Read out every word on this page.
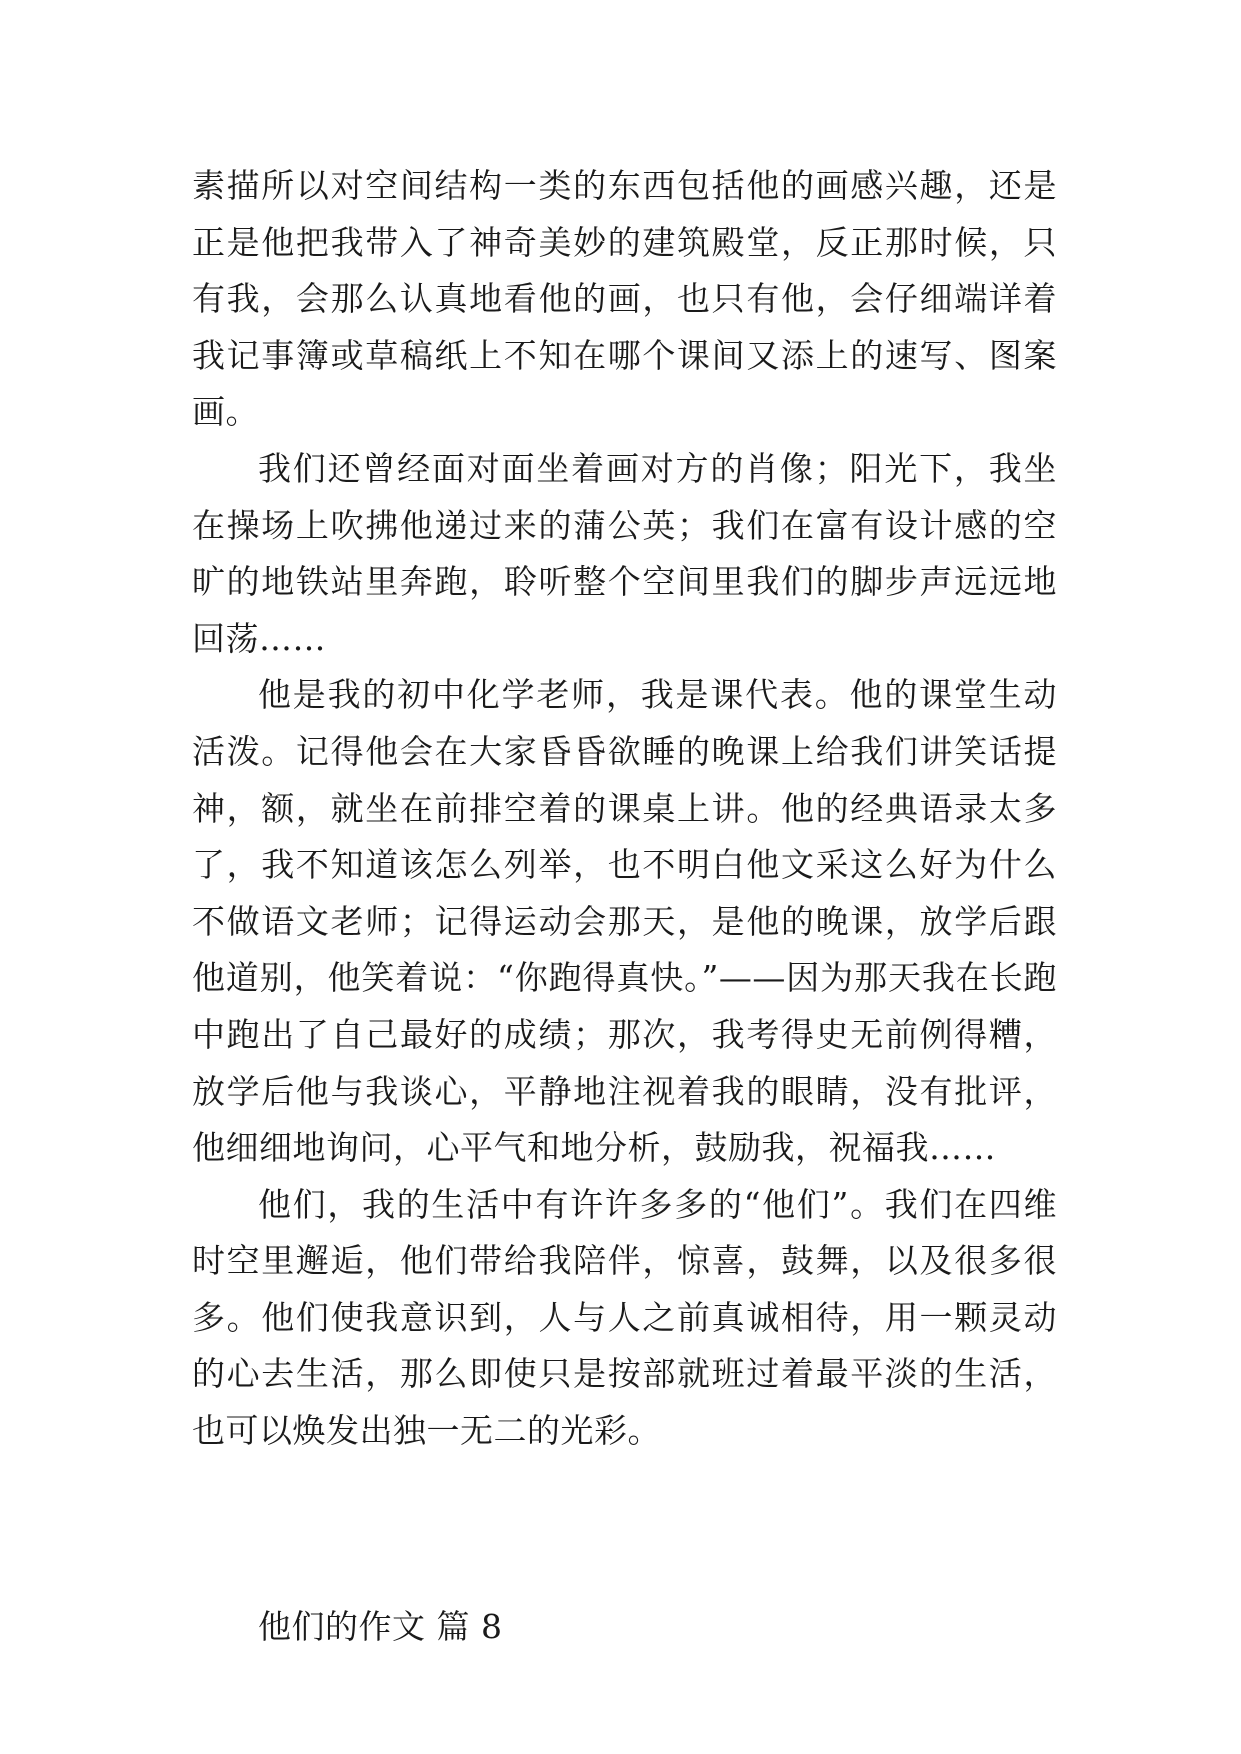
素描所以对空间结构一类的东西包括他的画感兴趣，还是正是他把我带入了神奇美妙的建筑殿堂，反正那时候，只有我，会那么认真地看他的画，也只有他，会仔细端详着我记事簿或草稿纸上不知在哪个课间又添上的速写、图案画。

我们还曾经面对面坐着画对方的肖像；阳光下，我坐在操场上吹拂他递过来的蒲公英；我们在富有设计感的空旷的地铁站里奔跑，聆听整个空间里我们的脚步声远远地回荡……

他是我的初中化学老师，我是课代表。他的课堂生动活泼。记得他会在大家昏昏欲睡的晚课上给我们讲笑话提神，额，就坐在前排空着的课桌上讲。他的经典语录太多了，我不知道该怎么列举，也不明白他文采这么好为什么不做语文老师；记得运动会那天，是他的晚课，放学后跟他道别，他笑着说：“你跑得真快。”——因为那天我在长跑中跑出了自己最好的成绩；那次，我考得史无前例得糟，放学后他与我谈心，平静地注视着我的眼睛，没有批评，他细细地询问，心平气和地分析，鼓励我，祝福我……

他们，我的生活中有许许多多的“他们”。我们在四维时空里邂逅，他们带给我陪伴，惊喜，鼓舞，以及很多很多。他们使我意识到，人与人之前真诚相待，用一颗灵动的心去生活，那么即使只是按部就班过着最平淡的生活，也可以焕发出独一无二的光彩。

他们的作文 篇 8
